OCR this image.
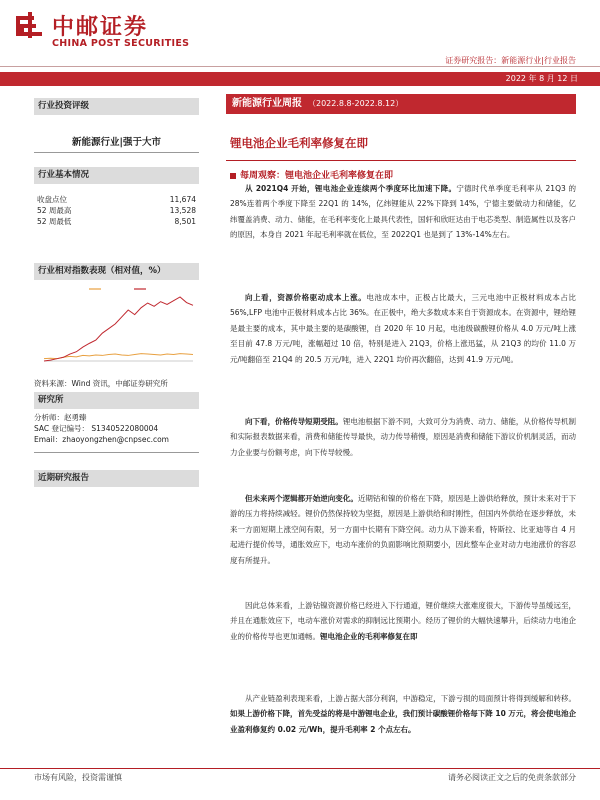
中邮证券
CHINA POST SECURITIES
证券研究报告：新能源行业|行业报告
2022 年 8 月 12 日
行业投资评级
新能源行业|强于大市
行业基本情况
收盘点位	11,674
52 周最高	13,528
52 周最低	8,501
行业相对指数表现（相对值，%）
资料来源：Wind 资讯，中邮证券研究所
研究所
分析师：赵勇臻
SAC 登记编号： S1340522080004
Email：zhaoyongzhen@cnpsec.com
近期研究报告
新能源行业周报 （2022.8.8-2022.8.12）
锂电池企业毛利率修复在即
每周观察：锂电池企业毛利率修复在即
从 2021Q4 开始，锂电池企业连续两个季度环比加速下降。宁德时代单季度毛利率从 21Q3 的 28%连着两个季度下降至 22Q1 的 14%，亿纬锂能从 22%下降到 14%，宁德主要做动力和储能，亿纬覆盖消费、动力、储能，在毛利率变化上最具代表性，国轩和欣旺达由于电芯类型、制造属性以及客户的原因，本身自 2021 年起毛利率就在低位，至 2022Q1 也是到了 13%-14%左右。
向上看，资源价格驱动成本上涨。电池成本中，正极占比最大，三元电池中正极材料成本占比 56%,LFP 电池中正极材料成本占比 36%。在正极中，绝大多数成本来自于资源成本。在资源中，锂给锂是最主要的成本，其中最主要的是碳酸锂，自 2020 年 10 月起，电池级碳酸锂价格从 4.0 万元/吨上涨至目前 47.8 万元/吨，涨幅超过 10 倍，特别是进入 21Q3，价格上涨迅猛，从 21Q3 的均价 11.0 万元/吨翻倍至 21Q4 的 20.5 万元/吨，进入 22Q1 均价再次翻倍，达到 41.9 万元/吨。
向下看，价格传导短期受阻。锂电池根据下游不同，大致可分为消费、动力、储能，从价格传导机制和实际报表数据来看，消费和储能传导最快，动力传导稍慢，原因是消费和储能下游议价机制灵活，而动力企业要与份额考虑，向下传导较慢。
但未来两个逻辑都开始逆向变化。近期钴和镍的价格在下降，原因是上游供给释放，预计未来对于下游的压力将持续减轻。锂价仍然保持较为坚挺，原因是上游供给和时刚性，但国内外供给在逐步释放，未来一方面短期上涨空间有限，另一方面中长期有下降空间。动力从下游来看，特斯拉、比亚迪等自 4 月起进行提价传导，通胀效应下，电动车涨价的负面影响比预期要小，因此整车企业对动力电池涨价的容忍度有所提升。
因此总体来看，上游钴镍资源价格已经进入下行通道，锂价继续大涨难度很大，下游传导虽缓远至，并且在通胀效应下，电动车涨价对需求的抑制远比预期小。经历了锂价的大幅快速攀升，后续动力电池企业的价格传导也更加通畅。锂电池企业的毛利率修复在即
从产业链盈利表现来看，上游占据大部分利润，中游稳定，下游亏损的局面预计将得到缓解和转移。如果上游价格下降，首先受益的将是中游锂电企业，我们预计碳酸锂价格每下降 10 万元，将会使电池企业盈利修复约 0.02 元/Wh，提升毛利率 2 个点左右。
市场有风险，投资需谨慎	请务必阅读正文之后的免责条款部分
